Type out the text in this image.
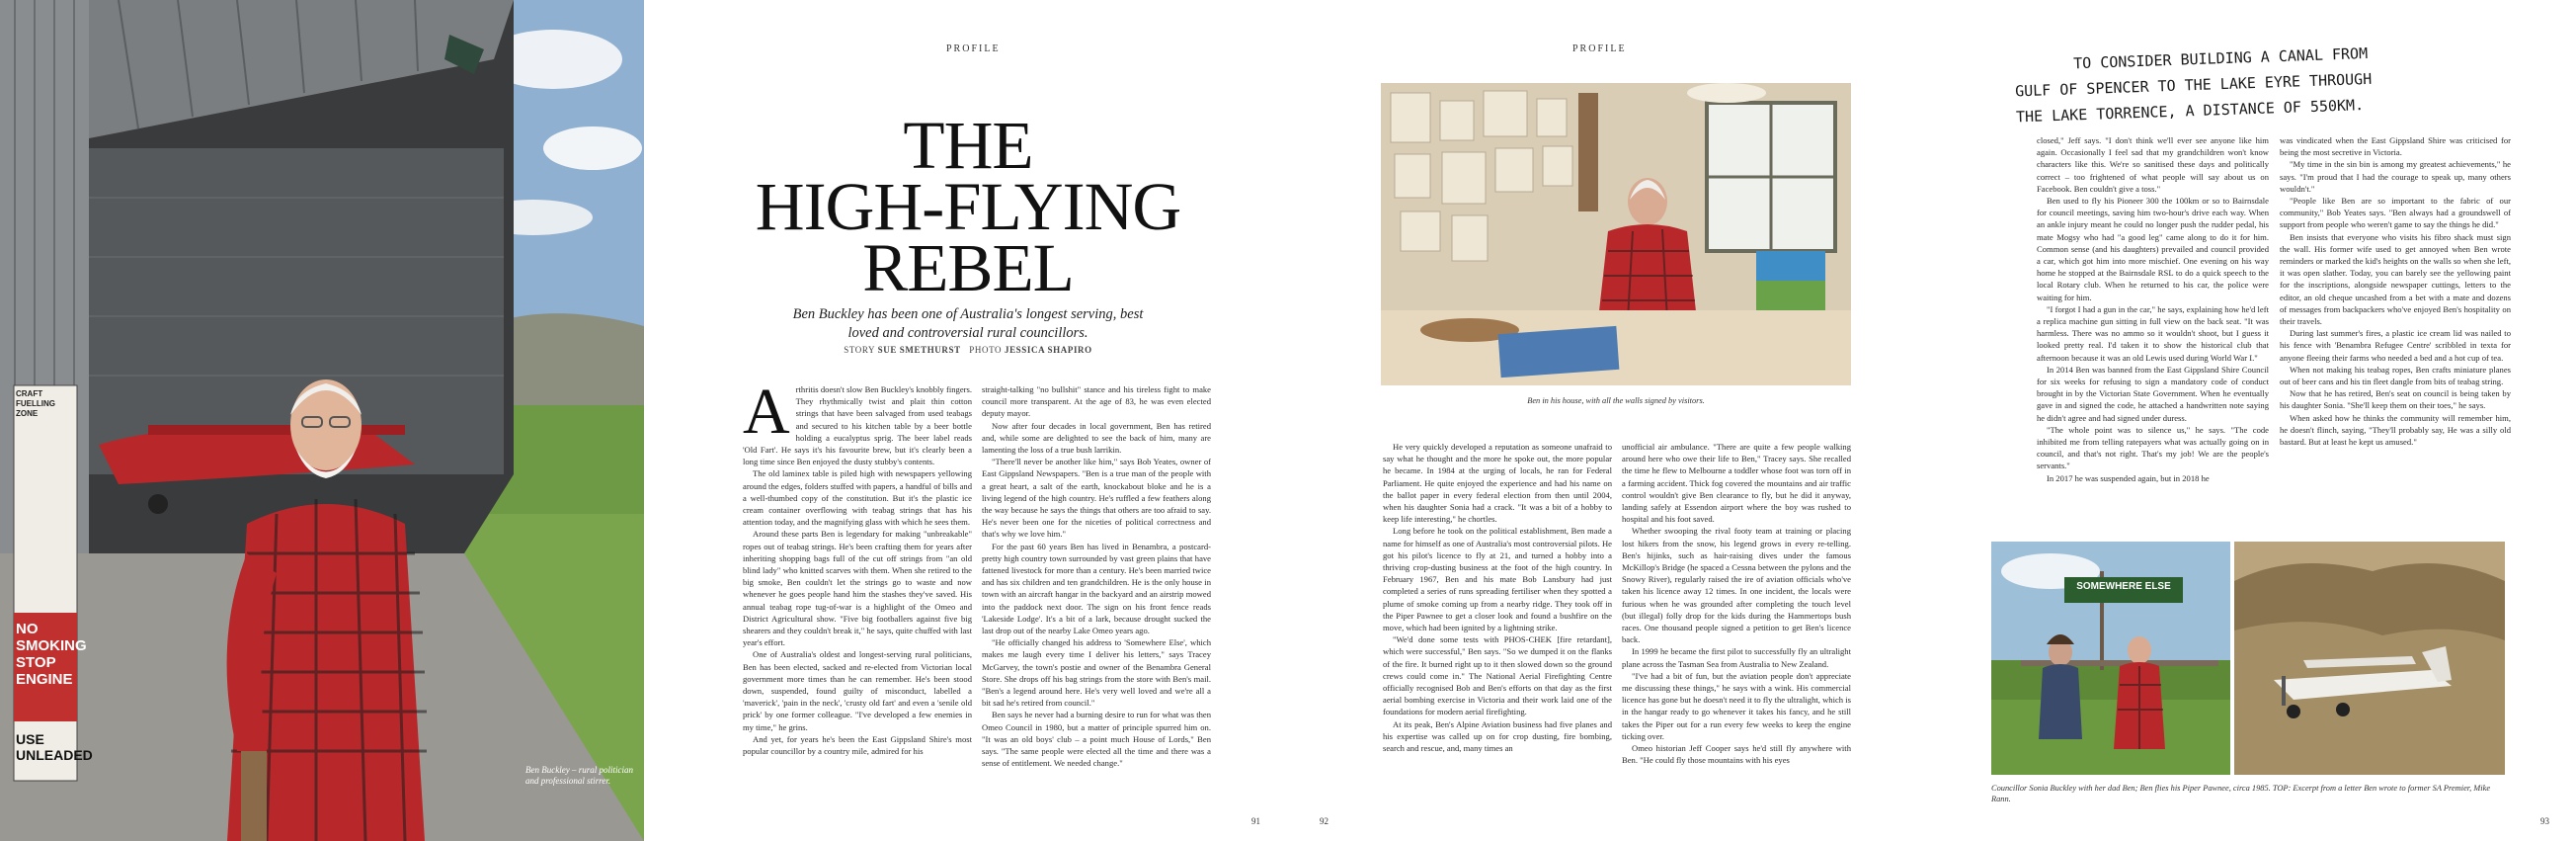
CRAFT FUELLING ZONE
NO SMOKING STOP ENGINE
USE UNLEADED
Ben Buckley – rural politician and professional stirrer.
PROFILE
THE
HIGH-FLYING
REBEL
Ben Buckley has been one of Australia's longest serving, best loved and controversial rural councillors.
STORY SUE SMETHURST PHOTO JESSICA SHAPIRO
A rthritis doesn't slow Ben Buckley's knobbly fingers. They rhythmically twist and plait thin cotton strings that have been salvaged from used teabags and secured to his kitchen table by a beer bottle holding a eucalyptus sprig. The beer label reads 'Old Fart'. He says it's his favourite brew, but it's clearly been a long time since Ben enjoyed the dusty stubby's contents.

The old laminex table is piled high with newspapers yellowing around the edges, folders stuffed with papers, a handful of bills and a well-thumbed copy of the constitution. But it's the plastic ice cream container overflowing with teabag strings that has his attention today, and the magnifying glass with which he sees them.

Around these parts Ben is legendary for making "unbreakable" ropes out of teabag strings. He's been crafting them for years after inheriting shopping bags full of the cut off strings from "an old blind lady" who knitted scarves with them. When she retired to the big smoke, Ben couldn't let the strings go to waste and now whenever he goes people hand him the stashes they've saved. His annual teabag rope tug-of-war is a highlight of the Omeo and District Agricultural show. "Five big footballers against five big shearers and they couldn't break it," he says, quite chuffed with last year's effort.

One of Australia's oldest and longest-serving rural politicians, Ben has been elected, sacked and re-elected from Victorian local government more times than he can remember. He's been stood down, suspended, found guilty of misconduct, labelled a 'maverick', 'pain in the neck', 'crusty old fart' and even a 'senile old prick' by one former colleague. "I've developed a few enemies in my time," he grins.

And yet, for years he's been the East Gippsland Shire's most popular councillor by a country mile, admired for his

straight-talking "no bullshit" stance and his tireless fight to make council more transparent. At the age of 83, he was even elected deputy mayor.

Now after four decades in local government, Ben has retired and, while some are delighted to see the back of him, many are lamenting the loss of a true bush larrikin.

"There'll never be another like him," says Bob Yeates, owner of East Gippsland Newspapers. "Ben is a true man of the people with a great heart, a salt of the earth, knockabout bloke and he is a living legend of the high country. He's ruffled a few feathers along the way because he says the things that others are too afraid to say. He's never been one for the niceties of political correctness and that's why we love him."

For the past 60 years Ben has lived in Benambra, a postcard-pretty high country town surrounded by vast green plains that have fattened livestock for more than a century. He's been married twice and has six children and ten grandchildren. He is the only house in town with an aircraft hangar in the backyard and an airstrip mowed into the paddock next door. The sign on his front fence reads 'Lakeside Lodge'. It's a bit of a lark, because drought sucked the last drop out of the nearby Lake Omeo years ago.

"He officially changed his address to 'Somewhere Else', which makes me laugh every time I deliver his letters," says Tracey McGarvey, the town's postie and owner of the Benambra General Store. She drops off his bag strings from the store with Ben's mail. "Ben's a legend around here. He's very well loved and we're all a bit sad he's retired from council."

Ben says he never had a burning desire to run for what was then Omeo Council in 1980, but a matter of principle spurred him on. "It was an old boys' club – a point much House of Lords," Ben says. "The same people were elected all the time and there was a sense of entitlement. We needed change."

91
PROFILE
Ben in his house, with all the walls signed by visitors.

He very quickly developed a reputation as someone unafraid to say what he thought and the more he spoke out, the more popular he became. In 1984 at the urging of locals, he ran for Federal Parliament. He quite enjoyed the experience and had his name on the ballot paper in every federal election from then until 2004, when his daughter Sonia had a crack. "It was a bit of a hobby to keep life interesting," he chortles.

Long before he took on the political establishment, Ben made a name for himself as one of Australia's most controversial pilots. He got his pilot's licence to fly at 21, and turned a hobby into a thriving crop-dusting business at the foot of the high country. In February 1967, Ben and his mate Bob Lansbury had just completed a series of runs spreading fertiliser when they spotted a plume of smoke coming up from a nearby ridge. They took off in the Piper Pawnee to get a closer look and found a bushfire on the move, which had been ignited by a lightning strike.

"We'd done some tests with PHOS-CHEK [fire retardant], which were successful," Ben says. "So we dumped it on the flanks of the fire. It burned right up to it then slowed down so the ground crews could come in." The National Aerial Firefighting Centre officially recognised Bob and Ben's efforts on that day as the first aerial bombing exercise in Victoria and their work laid one of the foundations for modern aerial firefighting.

At its peak, Ben's Alpine Aviation business had five planes and his expertise was called up on for crop dusting, fire bombing, search and rescue, and, many times an

unofficial air ambulance. "There are quite a few people walking around here who owe their life to Ben," Tracey says. She recalled the time he flew to Melbourne a toddler whose foot was torn off in a farming accident. Thick fog covered the mountains and air traffic control wouldn't give Ben clearance to fly, but he did it anyway, landing safely at Essendon airport where the boy was rushed to hospital and his foot saved.

Whether swooping the rival footy team at training or placing lost hikers from the snow, his legend grows in every re-telling. Ben's hijinks, such as hair-raising dives under the famous McKillop's Bridge (he spaced a Cessna between the pylons and the Snowy River), regularly raised the ire of aviation officials who've taken his licence away 12 times. In one incident, the locals were furious when he was grounded after completing the touch level (but illegal) folly drop for the kids during the Hammertops bush races. One thousand people signed a petition to get Ben's licence back.

In 1999 he became the first pilot to successfully fly an ultralight plane across the Tasman Sea from Australia to New Zealand.

"I've had a bit of fun, but the aviation people don't appreciate me discussing these things," he says with a wink. His commercial licence has gone but he doesn't need it to fly the ultralight, which is in the hangar ready to go whenever it takes his fancy, and he still takes the Piper out for a run every few weeks to keep the engine ticking over.

Omeo historian Jeff Cooper says he'd still fly anywhere with Ben. "He could fly those mountains with his eyes

92
TO CONSIDER BUILDING A CANAL FROM
GULF OF SPENCER TO THE LAKE EYRE THROUGH
THE LAKE TORRENCE, A DISTANCE OF 550KM.

closed," Jeff says. "I don't think we'll ever see anyone like him again. Occasionally I feel sad that my grandchildren won't know characters like this. We're so sanitised these days and politically correct – too frightened of what people will say about us on Facebook. Ben couldn't give a toss."

Ben used to fly his Pioneer 300 the 100km or so to Bairnsdale for council meetings, saving him two-hour's drive each way. When an ankle injury meant he could no longer push the rudder pedal, his mate Mogsy who had "a good leg" came along to do it for him. Common sense (and his daughters) prevailed and council provided a car, which got him into more mischief. One evening on his way home he stopped at the Bairnsdale RSL to do a quick speech to the local Rotary club. When he returned to his car, the police were waiting for him.

"I forgot I had a gun in the car," he says, explaining how he'd left a replica machine gun sitting in full view on the back seat. "It was harmless. There was no ammo so it wouldn't shoot, but I guess it looked pretty real. I'd taken it to show the historical club that afternoon because it was an old Lewis used during World War I."

In 2014 Ben was banned from the East Gippsland Shire Council for six weeks for refusing to sign a mandatory code of conduct brought in by the Victorian State Government. When he eventually gave in and signed the code, he attached a handwritten note saying he didn't agree and had signed under duress.

"The whole point was to silence us," he says. "The code inhibited me from telling ratepayers what was actually going on in council, and that's not right. That's my job! We are the people's servants."

In 2017 he was suspended again, but in 2018 he

was vindicated when the East Gippsland Shire was criticised for being the most secretive in Victoria.

"My time in the sin bin is among my greatest achievements," he says. "I'm proud that I had the courage to speak up, many others wouldn't."

"People like Ben are so important to the fabric of our community," Bob Yeates says. "Ben always had a groundswell of support from people who weren't game to say the things he did."

Ben insists that everyone who visits his fibro shack must sign the wall. His former wife used to get annoyed when Ben wrote reminders or marked the kid's heights on the walls so when she left, it was open slather. Today, you can barely see the yellowing paint for the inscriptions, alongside newspaper cuttings, letters to the editor, an old cheque uncashed from a bet with a mate and dozens of messages from backpackers who've enjoyed Ben's hospitality on their travels.

During last summer's fires, a plastic ice cream lid was nailed to his fence with 'Benambra Refugee Centre' scribbled in texta for anyone fleeing their farms who needed a bed and a hot cup of tea.

When not making his teabag ropes, Ben crafts miniature planes out of beer cans and his tin fleet dangle from bits of teabag string.

Now that he has retired, Ben's seat on council is being taken by his daughter Sonia. "She'll keep them on their toes," he says.

When asked how he thinks the community will remember him, he doesn't flinch, saying, "They'll probably say, He was a silly old bastard. But at least he kept us amused."

SOMEWHERE ELSE
Councillor Sonia Buckley with her dad Ben; Ben flies his Piper Pawnee, circa 1985. TOP: Excerpt from a letter Ben wrote to former SA Premier, Mike Rann.
93
